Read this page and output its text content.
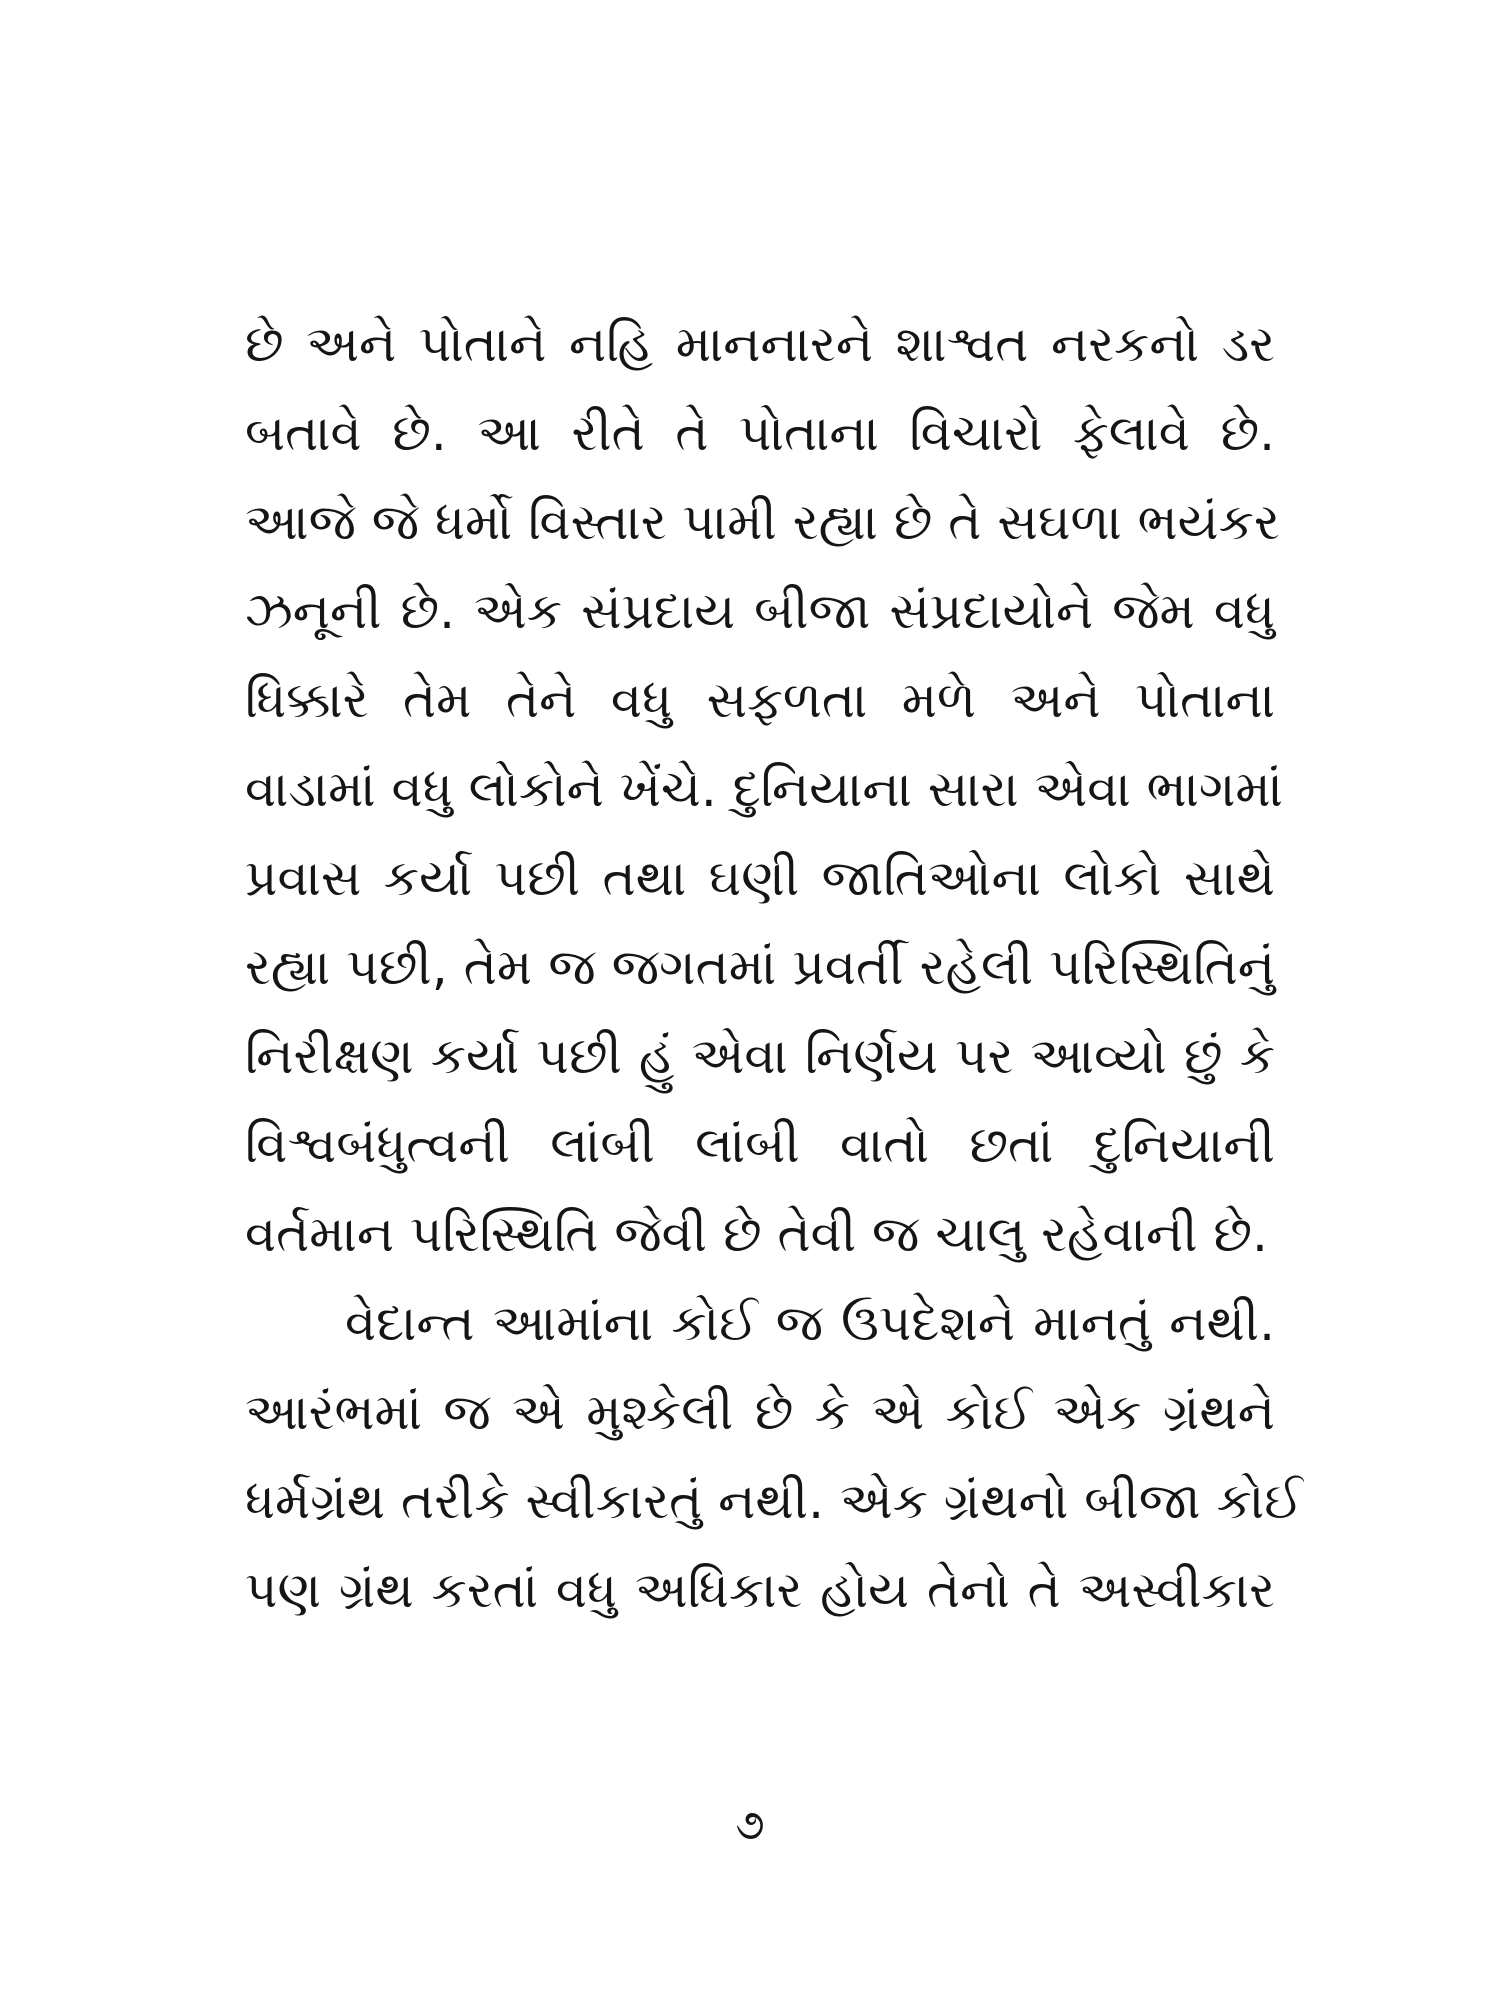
છે અને પોતાને નહિ માનનારને શાશ્વત નરકનો ડર
બતાવે છે. આ રીતે તે પોતાના વિચારો ફેલાવે છે.
આજે જે ધર્મો વિસ્તાર પામી રહ્યા છે તે સઘળા ભયંકર
ઝનૂની છે. એક સંપ્રદાય બીજા સંપ્રદાયોને જેમ વધુ
ધિક્કારે તેમ તેને વધુ સફળતા મળે અને પોતાના
વાડામાં વધુ લોકોને ખેંચે. દુનિયાના સારા એવા ભાગમાં
પ્રવાસ કર્યા પછી તથા ઘણી જાતિઓના લોકો સાથે
રહ્યા પછી, તેમ જ જગતમાં પ્રવર્તી રહેલી પરિસ્થિતિનું
નિરીક્ષણ કર્યા પછી હું એવા નિર્ણય પર આવ્યો છું કે
વિશ્વબંધુત્વની લાંબી લાંબી વાતો છતાં દુનિયાની
વર્તમાન પરિસ્થિતિ જેવી છે તેવી જ ચાલુ રહેવાની છે.
વેદાન્ત આમાંના કોઈ જ ઉપદેશને માનતું નથી.
આરંભમાં જ એ મુશ્કેલી છે કે એ કોઈ એક ગ્રંથને
ધર્મગ્રંથ તરીકે સ્વીકારતું નથી. એક ગ્રંથનો બીજા કોઈ
પણ ગ્રંથ કરતાં વધુ અધિકાર હોય તેનો તે અસ્વીકાર
૭
